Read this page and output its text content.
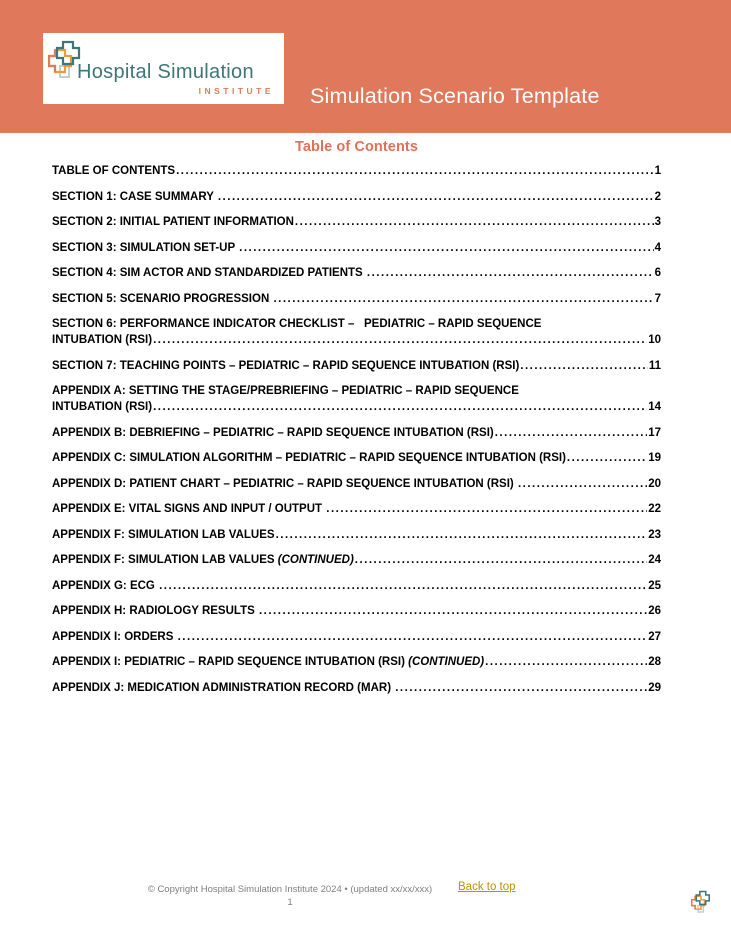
Hospital Simulation
INSTITUTE Simulation Scenario Template
Table of Contents
TABLE OF CONTENTS .....	1
SECTION 1: CASE SUMMARY .....	2
SECTION 2: INITIAL PATIENT INFORMATION .....	3
SECTION 3: SIMULATION SET-UP .....	4
SECTION 4: SIM ACTOR AND STANDARDIZED PATIENTS .....	6
SECTION 5: SCENARIO PROGRESSION .....	7
SECTION 6: PERFORMANCE INDICATOR CHECKLIST –   PEDIATRIC – RAPID SEQUENCE
INTUBATION (RSI) .....	10
SECTION 7: TEACHING POINTS – PEDIATRIC – RAPID SEQUENCE INTUBATION (RSI) .....	11
APPENDIX A: SETTING THE STAGE/PREBRIEFING – PEDIATRIC – RAPID SEQUENCE
INTUBATION (RSI) .....	14
APPENDIX B: DEBRIEFING – PEDIATRIC – RAPID SEQUENCE INTUBATION (RSI) .....	17
APPENDIX C: SIMULATION ALGORITHM – PEDIATRIC – RAPID SEQUENCE INTUBATION (RSI) .....	19
APPENDIX D: PATIENT CHART – PEDIATRIC – RAPID SEQUENCE INTUBATION (RSI) .....	20
APPENDIX E: VITAL SIGNS AND INPUT / OUTPUT .....	22
APPENDIX F: SIMULATION LAB VALUES .....	23
APPENDIX F: SIMULATION LAB VALUES (CONTINUED) .....	24
APPENDIX G: ECG .....	25
APPENDIX H: RADIOLOGY RESULTS .....	26
APPENDIX I: ORDERS .....	27
APPENDIX I: PEDIATRIC – RAPID SEQUENCE INTUBATION (RSI) (CONTINUED) .....	28
APPENDIX J: MEDICATION ADMINISTRATION RECORD (MAR) .....	29
© Copyright Hospital Simulation Institute 2024 • (updated xx/xx/xxx)
1
Back to top
